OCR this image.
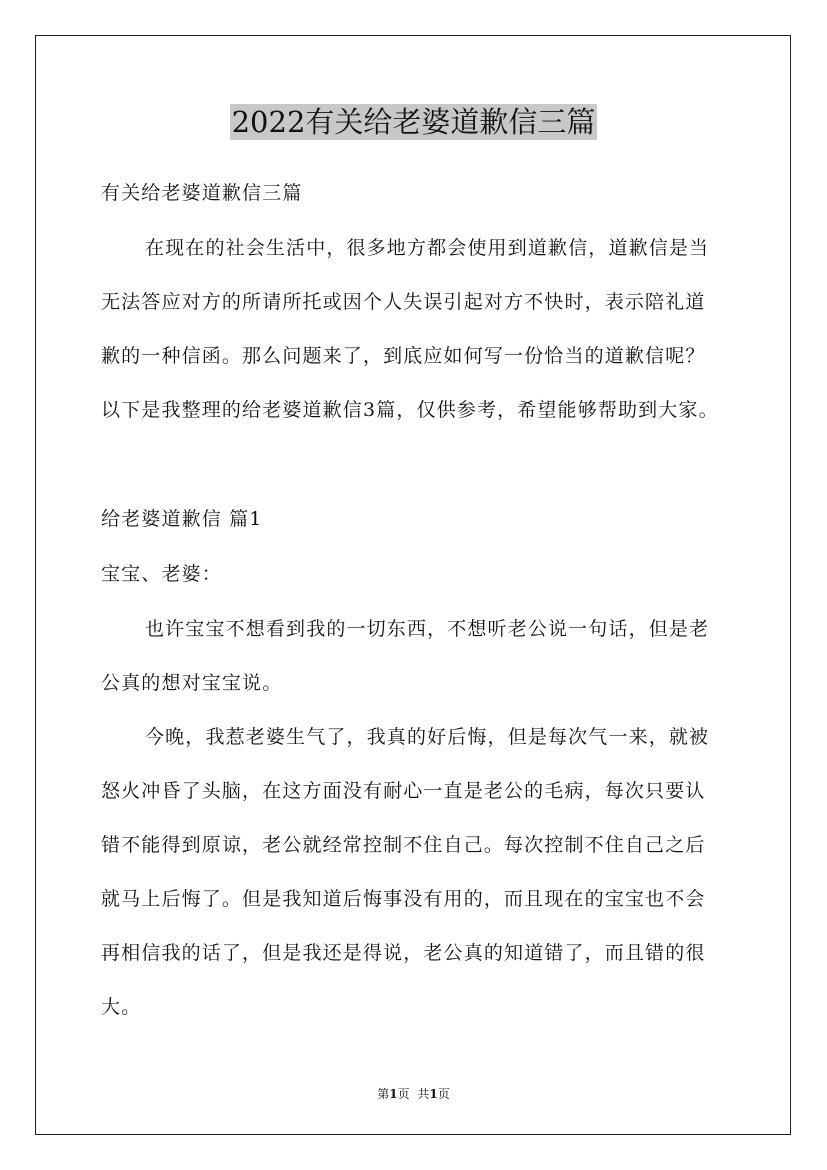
2022有关给老婆道歉信三篇
有关给老婆道歉信三篇
在现在的社会生活中，很多地方都会使用到道歉信，道歉信是当
无法答应对方的所请所托或因个人失误引起对方不快时，表示陪礼道
歉的一种信函。那么问题来了，到底应如何写一份恰当的道歉信呢？
以下是我整理的给老婆道歉信3篇，仅供参考，希望能够帮助到大家。
给老婆道歉信 篇1
宝宝、老婆：
也许宝宝不想看到我的一切东西，不想听老公说一句话，但是老
公真的想对宝宝说。
今晚，我惹老婆生气了，我真的好后悔，但是每次气一来，就被
怒火冲昏了头脑，在这方面没有耐心一直是老公的毛病，每次只要认
错不能得到原谅，老公就经常控制不住自己。每次控制不住自己之后
就马上后悔了。但是我知道后悔事没有用的，而且现在的宝宝也不会
再相信我的话了，但是我还是得说，老公真的知道错了，而且错的很
大。
第1页 共1页
